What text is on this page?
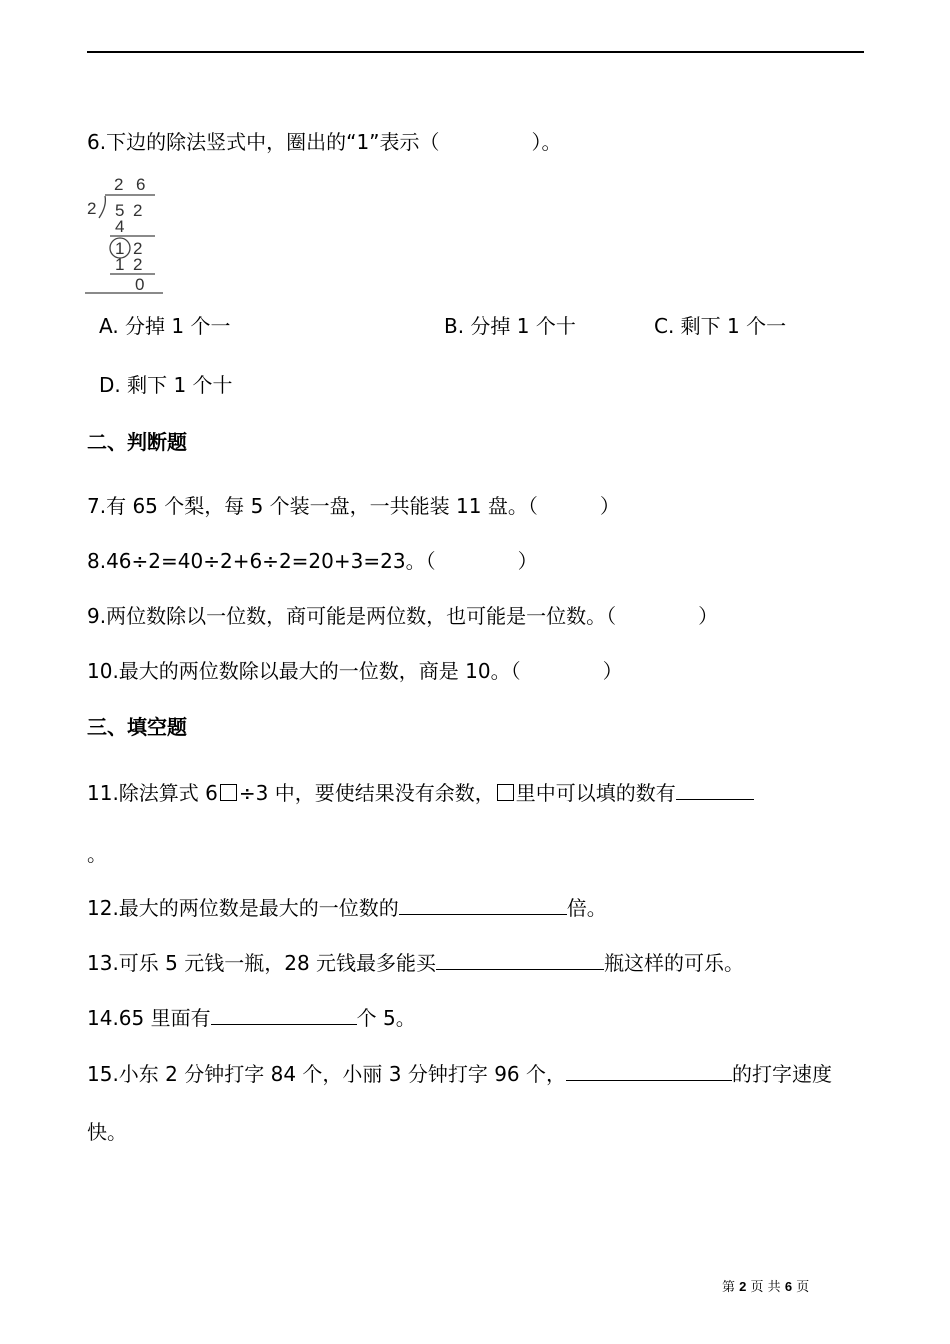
6.下边的除法竖式中，圈出的“1”表示（	）。
2 6
2 5 2
4
1 2
1 2
0
A. 分掉 1 个一	B. 分掉 1 个十	C. 剩下 1 个一
D. 剩下 1 个十
二、判断题
7.有 65 个梨，每 5 个装一盘，一共能装 11 盘。（	）
8.46÷2=40÷2+6÷2=20+3=23。（	）
9.两位数除以一位数，商可能是两位数，也可能是一位数。（	）
10.最大的两位数除以最大的一位数，商是 10。（	）
三、填空题
11.除法算式 6 ÷3 中，要使结果没有余数， 里中可以填的数有
。
12.最大的两位数是最大的一位数的	倍。
13.可乐 5 元钱一瓶，28 元钱最多能买	瓶这样的可乐。
14.65 里面有	个 5。
15.小东 2 分钟打字 84 个，小丽 3 分钟打字 96 个，	的打字速度
快。
第 2 页 共 6 页
